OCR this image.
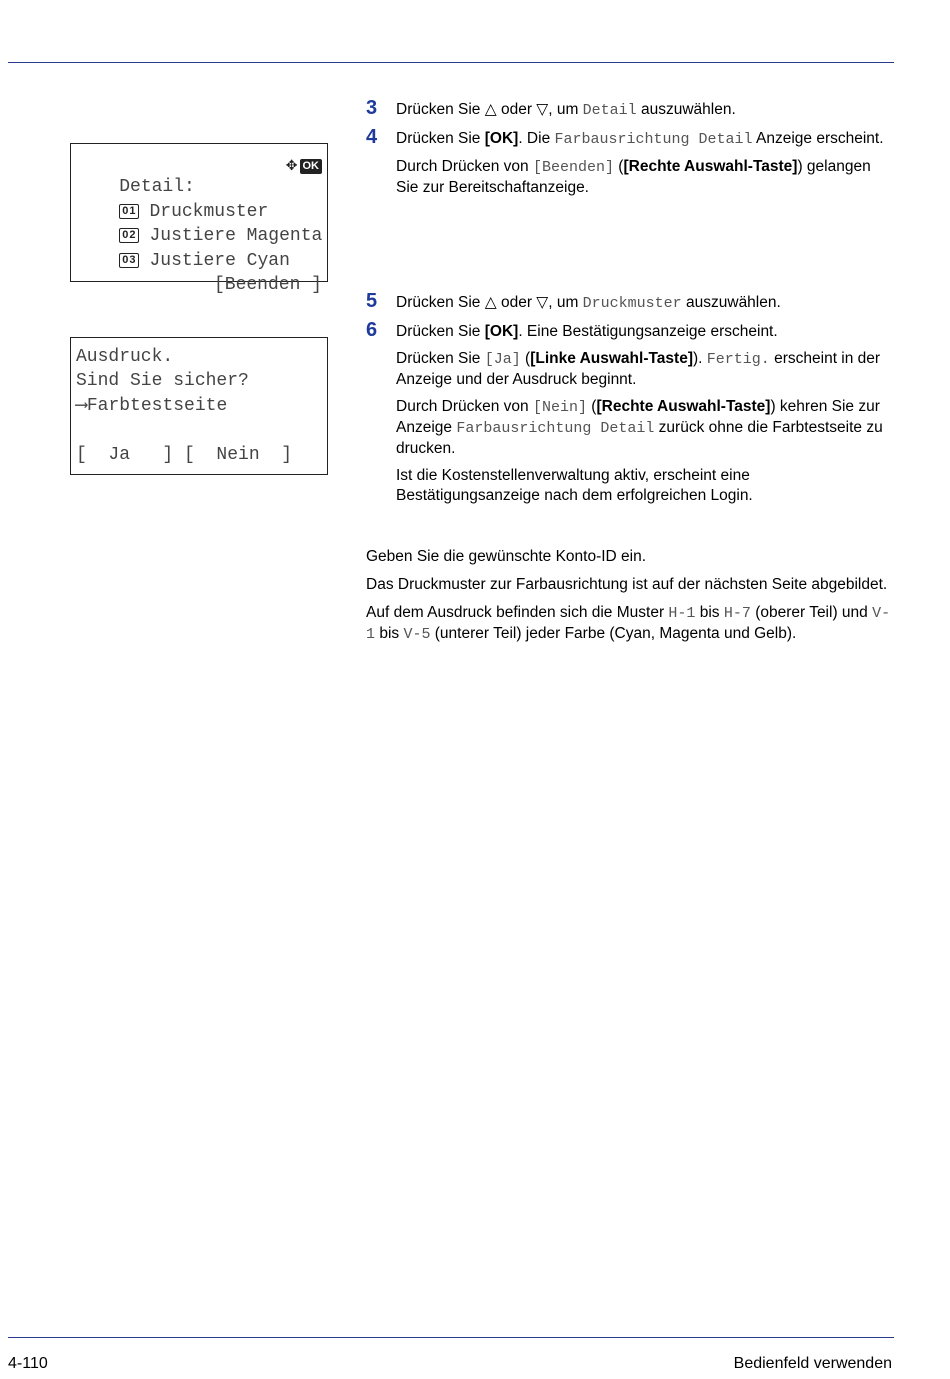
Detail:

✥ OK

01 Druckmuster

02 Justiere Magenta

03 Justiere Cyan

[Beenden ]

Ausdruck.
Sind Sie sicher?
⟶Farbtestseite
[  Ja   ] [  Nein  ]
3 Drücken Sie △ oder ▽, um Detail auszuwählen.

4 Drücken Sie [OK]. Die Farbausrichtung Detail Anzeige erscheint.

Durch Drücken von [Beenden] ([Rechte Auswahl-Taste]) gelangen Sie zur Bereitschaftanzeige.

5 Drücken Sie △ oder ▽, um Druckmuster auszuwählen.

6 Drücken Sie [OK]. Eine Bestätigungsanzeige erscheint.

Drücken Sie [Ja] ([Linke Auswahl-Taste]). Fertig. erscheint in der Anzeige und der Ausdruck beginnt.

Durch Drücken von [Nein] ([Rechte Auswahl-Taste]) kehren Sie zur Anzeige Farbausrichtung Detail zurück ohne die Farbtestseite zu drucken.

Ist die Kostenstellenverwaltung aktiv, erscheint eine Bestätigungsanzeige nach dem erfolgreichen Login.

Geben Sie die gewünschte Konto-ID ein.

Das Druckmuster zur Farbausrichtung ist auf der nächsten Seite abgebildet.

Auf dem Ausdruck befinden sich die Muster H-1 bis H-7 (oberer Teil) und V-1 bis V-5 (unterer Teil) jeder Farbe (Cyan, Magenta und Gelb).

4-110	Bedienfeld verwenden
